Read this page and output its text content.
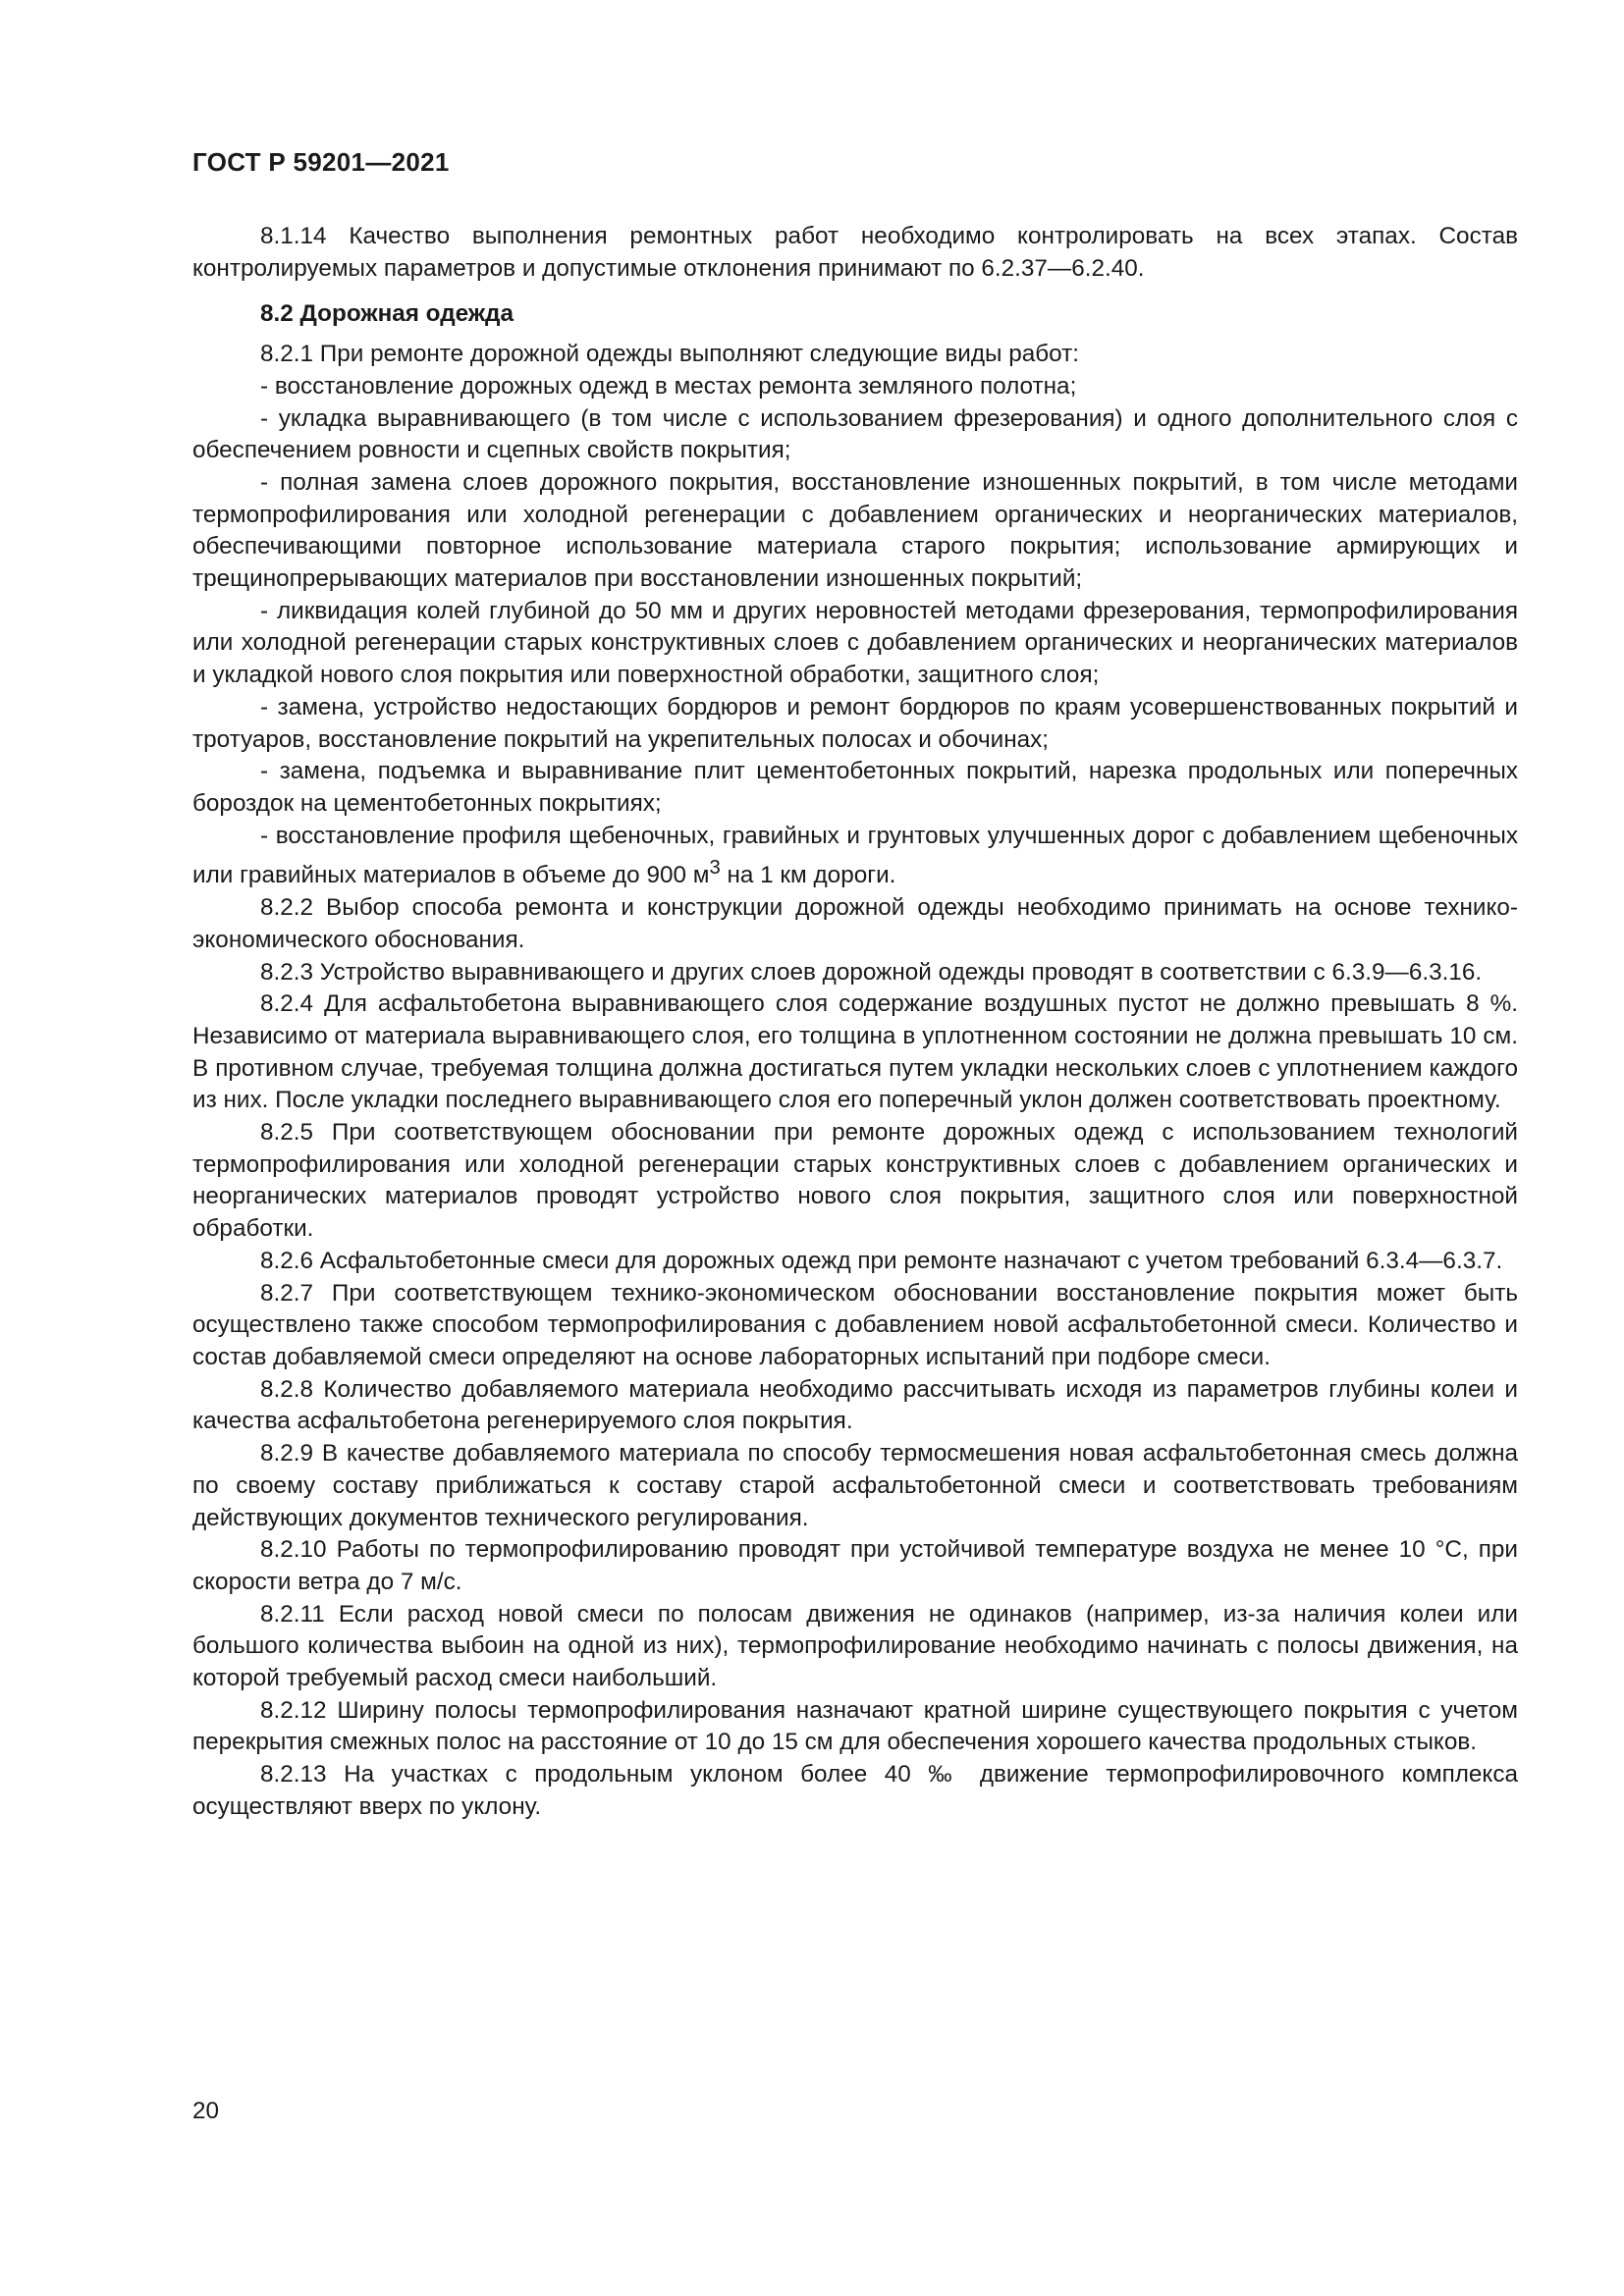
ГОСТ Р 59201—2021

8.1.14 Качество выполнения ремонтных работ необходимо контролировать на всех этапах. Состав контролируемых параметров и допустимые отклонения принимают по 6.2.37—6.2.40.

8.2 Дорожная одежда

8.2.1 При ремонте дорожной одежды выполняют следующие виды работ:

- восстановление дорожных одежд в местах ремонта земляного полотна;

- укладка выравнивающего (в том числе с использованием фрезерования) и одного дополнительного слоя с обеспечением ровности и сцепных свойств покрытия;

- полная замена слоев дорожного покрытия, восстановление изношенных покрытий, в том числе методами термопрофилирования или холодной регенерации с добавлением органических и неорганических материалов, обеспечивающими повторное использование материала старого покрытия; использование армирующих и трещинопрерывающих материалов при восстановлении изношенных покрытий;

- ликвидация колей глубиной до 50 мм и других неровностей методами фрезерования, термопрофилирования или холодной регенерации старых конструктивных слоев с добавлением органических и неорганических материалов и укладкой нового слоя покрытия или поверхностной обработки, защитного слоя;

- замена, устройство недостающих бордюров и ремонт бордюров по краям усовершенствованных покрытий и тротуаров, восстановление покрытий на укрепительных полосах и обочинах;

- замена, подъемка и выравнивание плит цементобетонных покрытий, нарезка продольных или поперечных бороздок на цементобетонных покрытиях;

- восстановление профиля щебеночных, гравийных и грунтовых улучшенных дорог с добавлением щебеночных или гравийных материалов в объеме до 900 $м^3$ на 1 км дороги.

8.2.2 Выбор способа ремонта и конструкции дорожной одежды необходимо принимать на основе технико-экономического обоснования.

8.2.3 Устройство выравнивающего и других слоев дорожной одежды проводят в соответствии с 6.3.9—6.3.16.

8.2.4 Для асфальтобетона выравнивающего слоя содержание воздушных пустот не должно превышать 8 %. Независимо от материала выравнивающего слоя, его толщина в уплотненном состоянии не должна превышать 10 см. В противном случае, требуемая толщина должна достигаться путем укладки нескольких слоев с уплотнением каждого из них. После укладки последнего выравнивающего слоя его поперечный уклон должен соответствовать проектному.

8.2.5 При соответствующем обосновании при ремонте дорожных одежд с использованием технологий термопрофилирования или холодной регенерации старых конструктивных слоев с добавлением органических и неорганических материалов проводят устройство нового слоя покрытия, защитного слоя или поверхностной обработки.

8.2.6 Асфальтобетонные смеси для дорожных одежд при ремонте назначают с учетом требований 6.3.4—6.3.7.

8.2.7 При соответствующем технико-экономическом обосновании восстановление покрытия может быть осуществлено также способом термопрофилирования с добавлением новой асфальтобетонной смеси. Количество и состав добавляемой смеси определяют на основе лабораторных испытаний при подборе смеси.

8.2.8 Количество добавляемого материала необходимо рассчитывать исходя из параметров глубины колеи и качества асфальтобетона регенерируемого слоя покрытия.

8.2.9 В качестве добавляемого материала по способу термосмешения новая асфальтобетонная смесь должна по своему составу приближаться к составу старой асфальтобетонной смеси и соответствовать требованиям действующих документов технического регулирования.

8.2.10 Работы по термопрофилированию проводят при устойчивой температуре воздуха не менее 10 °С, при скорости ветра до 7 м/с.

8.2.11 Если расход новой смеси по полосам движения не одинаков (например, из-за наличия колеи или большого количества выбоин на одной из них), термопрофилирование необходимо начинать с полосы движения, на которой требуемый расход смеси наибольший.

8.2.12 Ширину полосы термопрофилирования назначают кратной ширине существующего покрытия с учетом перекрытия смежных полос на расстояние от 10 до 15 см для обеспечения хорошего качества продольных стыков.

8.2.13 На участках с продольным уклоном более 40 ‰ движение термопрофилировочного комплекса осуществляют вверх по уклону.

20
